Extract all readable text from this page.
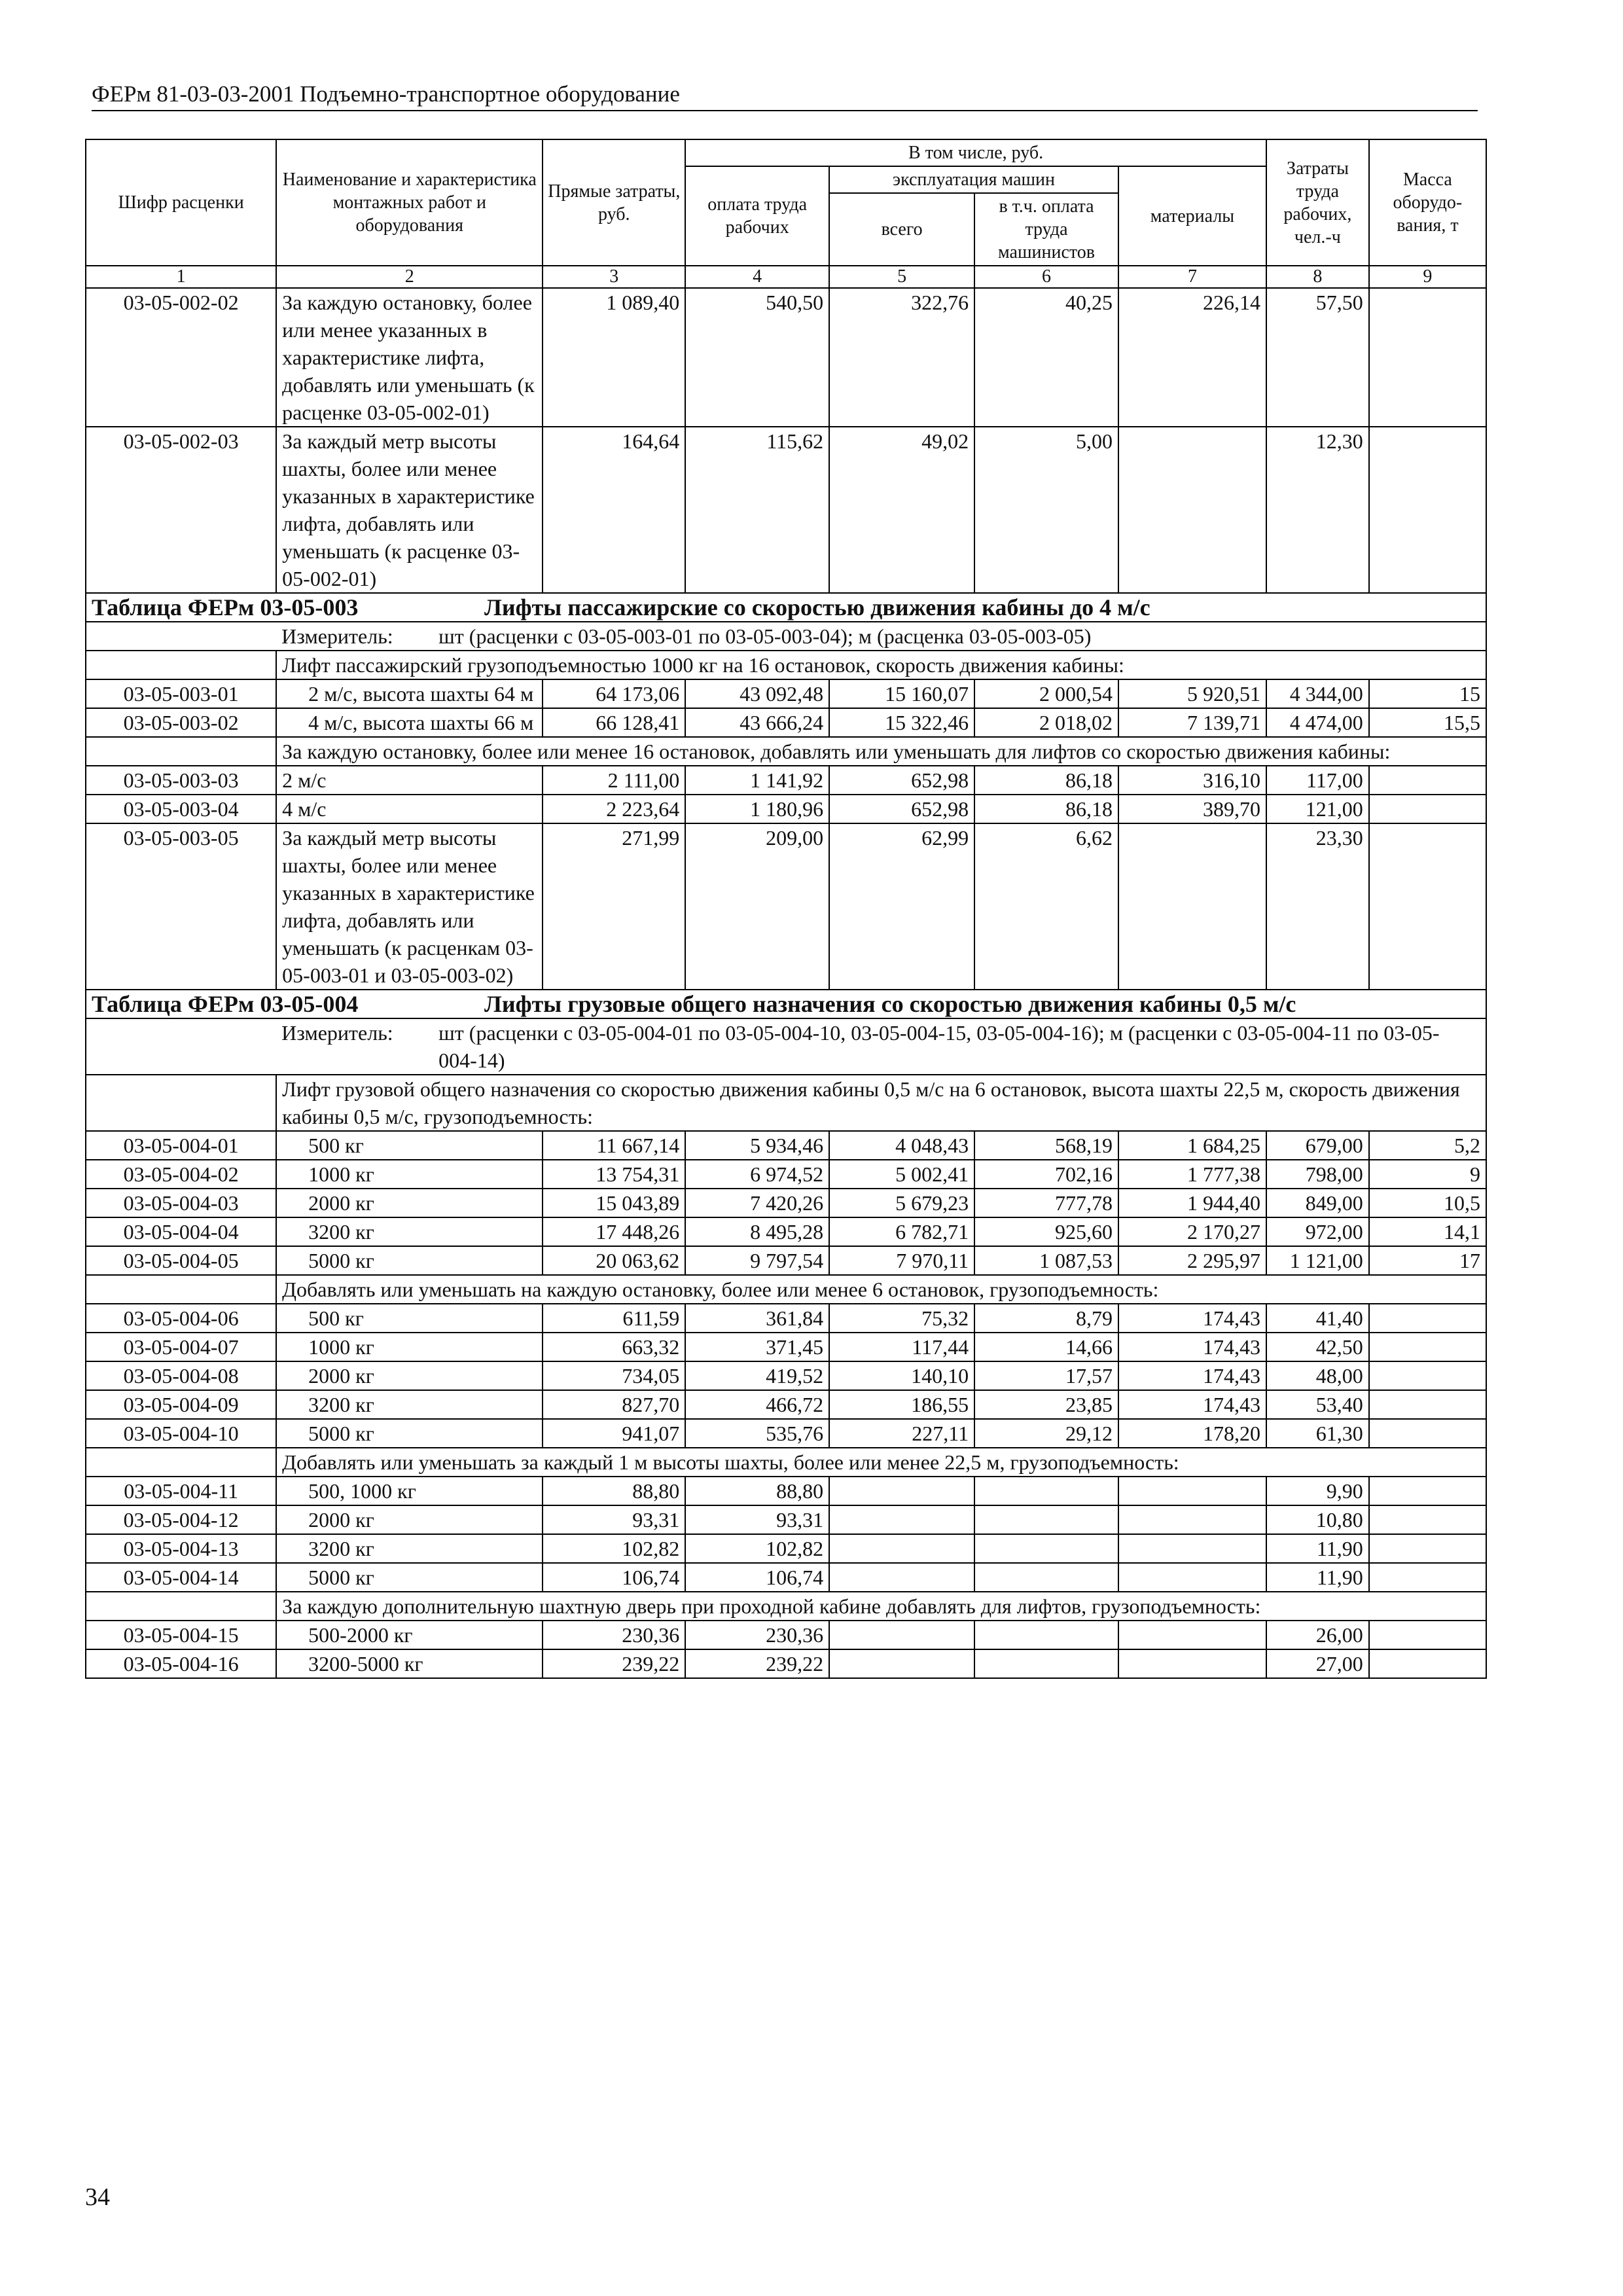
ФЕРм 81-03-03-2001 Подъемно-транспортное оборудование
Шифр расценки	Наименование и характеристика монтажных работ и оборудования	Прямые затраты, руб.	В том числе, руб.				Затраты труда рабочих, чел.-ч	Масса оборудо-вания, т
			оплата труда рабочих	эксплуатация машин		материалы		
				всего	в т.ч. оплата труда машинистов			
1	2	3	4	5	6	7	8	9
03-05-002-02	За каждую остановку, более или менее указанных в характеристике лифта, добавлять или уменьшать (к расценке 03-05-002-01)	1 089,40	540,50	322,76	40,25	226,14	57,50	
03-05-002-03	За каждый метр высоты шахты, более или менее указанных в характеристике лифта, добавлять или уменьшать (к расценке 03-05-002-01)	164,64	115,62	49,02	5,00		12,30	
Таблица ФЕРм 03-05-003 Лифты пассажирские со скоростью движения кабины до 4 м/с								
	Измеритель: шт (расценки с 03-05-003-01 по 03-05-003-04); м (расценка 03-05-003-05)							
	Лифт пассажирский грузоподъемностью 1000 кг на 16 остановок, скорость движения кабины:							
03-05-003-01	2 м/с, высота шахты 64 м	64 173,06	43 092,48	15 160,07	2 000,54	5 920,51	4 344,00	15
03-05-003-02	4 м/с, высота шахты 66 м	66 128,41	43 666,24	15 322,46	2 018,02	7 139,71	4 474,00	15,5
	За каждую остановку, более или менее 16 остановок, добавлять или уменьшать для лифтов со скоростью движения кабины:							
03-05-003-03	2 м/с	2 111,00	1 141,92	652,98	86,18	316,10	117,00	
03-05-003-04	4 м/с	2 223,64	1 180,96	652,98	86,18	389,70	121,00	
03-05-003-05	За каждый метр высоты шахты, более или менее указанных в характеристике лифта, добавлять или уменьшать (к расценкам 03-05-003-01 и 03-05-003-02)	271,99	209,00	62,99	6,62		23,30	
Таблица ФЕРм 03-05-004 Лифты грузовые общего назначения со скоростью движения кабины 0,5 м/с								
	Измеритель: шт (расценки с 03-05-004-01 по 03-05-004-10, 03-05-004-15, 03-05-004-16); м (расценки с 03-05-004-11 по 03-05-004-14)							
	Лифт грузовой общего назначения со скоростью движения кабины 0,5 м/с на 6 остановок, высота шахты 22,5 м, скорость движения кабины 0,5 м/с, грузоподъемность:							
03-05-004-01	500 кг	11 667,14	5 934,46	4 048,43	568,19	1 684,25	679,00	5,2
03-05-004-02	1000 кг	13 754,31	6 974,52	5 002,41	702,16	1 777,38	798,00	9
03-05-004-03	2000 кг	15 043,89	7 420,26	5 679,23	777,78	1 944,40	849,00	10,5
03-05-004-04	3200 кг	17 448,26	8 495,28	6 782,71	925,60	2 170,27	972,00	14,1
03-05-004-05	5000 кг	20 063,62	9 797,54	7 970,11	1 087,53	2 295,97	1 121,00	17
	Добавлять или уменьшать на каждую остановку, более или менее 6 остановок, грузоподъемность:							
03-05-004-06	500 кг	611,59	361,84	75,32	8,79	174,43	41,40	
03-05-004-07	1000 кг	663,32	371,45	117,44	14,66	174,43	42,50	
03-05-004-08	2000 кг	734,05	419,52	140,10	17,57	174,43	48,00	
03-05-004-09	3200 кг	827,70	466,72	186,55	23,85	174,43	53,40	
03-05-004-10	5000 кг	941,07	535,76	227,11	29,12	178,20	61,30	
	Добавлять или уменьшать за каждый 1 м высоты шахты, более или менее 22,5 м, грузоподъемность:							
03-05-004-11	500, 1000 кг	88,80	88,80				9,90	
03-05-004-12	2000 кг	93,31	93,31				10,80	
03-05-004-13	3200 кг	102,82	102,82				11,90	
03-05-004-14	5000 кг	106,74	106,74				11,90	
	За каждую дополнительную шахтную дверь при проходной кабине добавлять для лифтов, грузоподъемность:							
03-05-004-15	500-2000 кг	230,36	230,36				26,00	
03-05-004-16	3200-5000 кг	239,22	239,22				27,00	
34
